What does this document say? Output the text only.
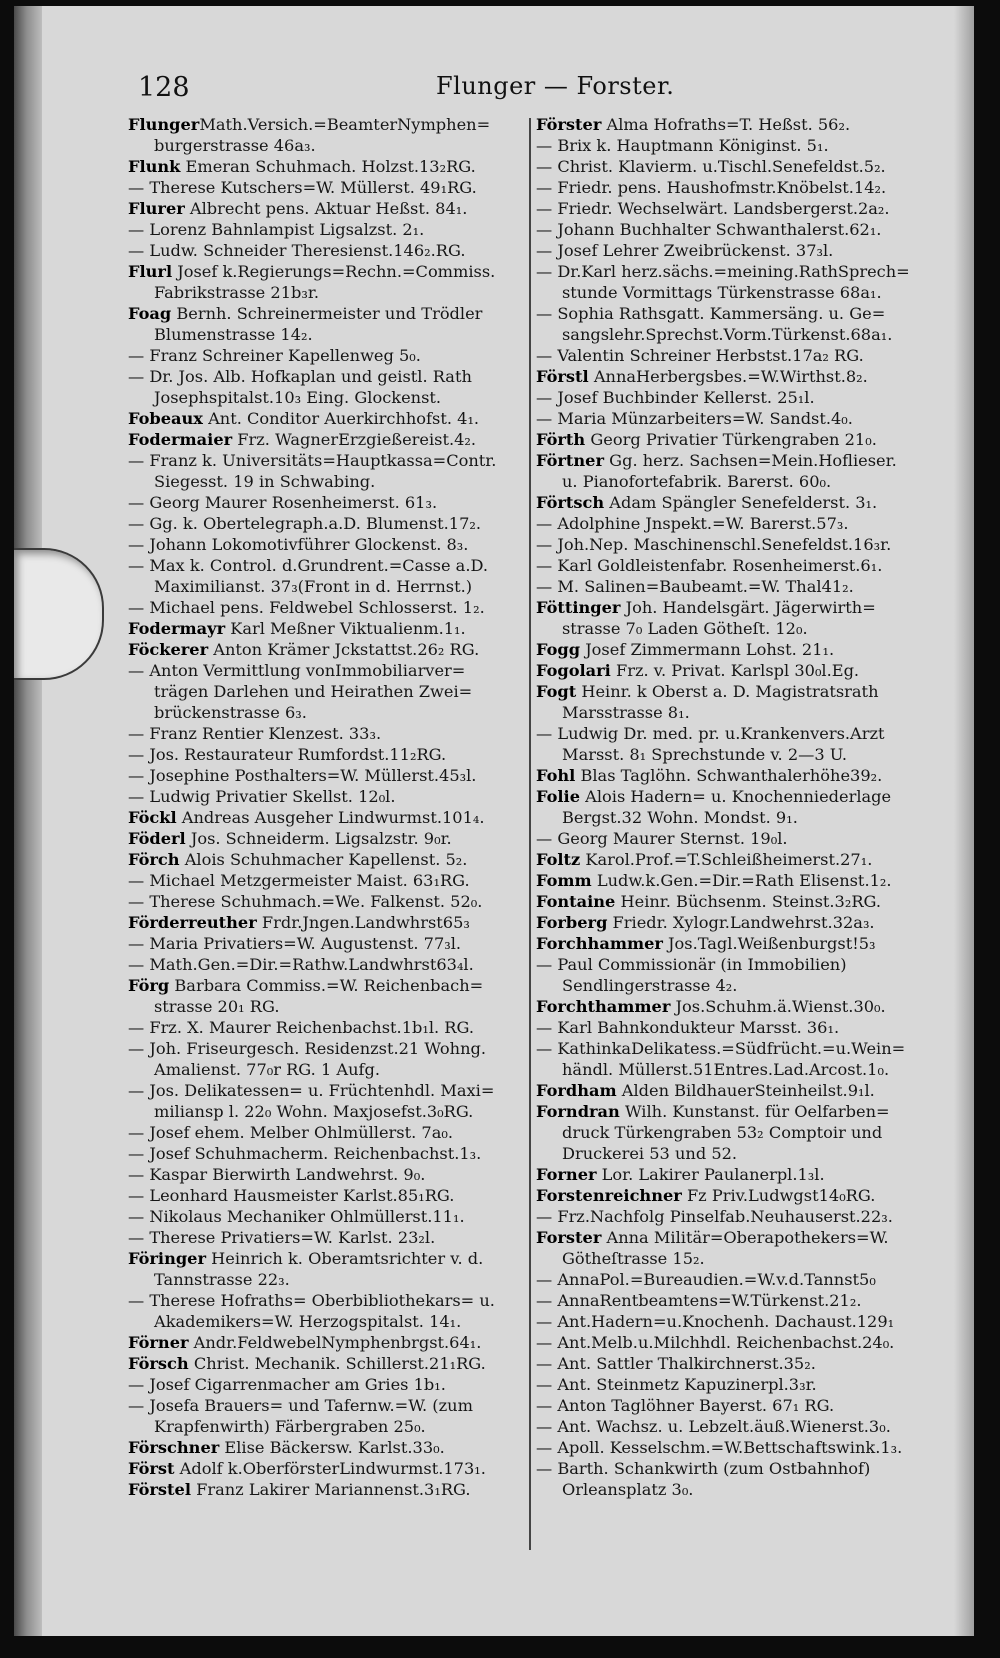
128	Flunger — Forster.
FlungerMath.Versich.=BeamterNymphen=
burgerstrasse 46a₃.
Flunk Emeran Schuhmach. Holzst.13₂RG.
— Therese Kutschers=W. Müllerst. 49₁RG.
Flurer Albrecht pens. Aktuar Heßst. 84₁.
— Lorenz Bahnlampist Ligsalzst. 2₁.
— Ludw. Schneider Theresienst.146₂.RG.
Flurl Josef k.Regierungs=Rechn.=Commiss.
Fabrikstrasse 21b₃r.
Foag Bernh. Schreinermeister und Trödler
Blumenstrasse 14₂.
— Franz Schreiner Kapellenweg 5₀.
— Dr. Jos. Alb. Hofkaplan und geistl. Rath
Josephspitalst.10₃ Eing. Glockenst.
Fobeaux Ant. Conditor Auerkirchhofst. 4₁.
Fodermaier Frz. WagnerErzgießereist.4₂.
— Franz k. Universitäts=Hauptkassa=Contr.
Siegesst. 19 in Schwabing.
— Georg Maurer Rosenheimerst. 61₃.
— Gg. k. Obertelegraph.a.D. Blumenst.17₂.
— Johann Lokomotivführer Glockenst. 8₃.
— Max k. Control. d.Grundrent.=Casse a.D.
Maximilianst. 37₃(Front in d. Herrnst.)
— Michael pens. Feldwebel Schlosserst. 1₂.
Fodermayr Karl Meßner Viktualienm.1₁.
Föckerer Anton Krämer Jckstattst.26₂ RG.
— Anton Vermittlung vonImmobiliarver=
trägen Darlehen und Heirathen Zwei=
brückenstrasse 6₃.
— Franz Rentier Klenzest. 33₃.
— Jos. Restaurateur Rumfordst.11₂RG.
— Josephine Posthalters=W. Müllerst.45₃l.
— Ludwig Privatier Skellst. 12₀l.
Föckl Andreas Ausgeher Lindwurmst.101₄.
Föderl Jos. Schneiderm. Ligsalzstr. 9₀r.
Förch Alois Schuhmacher Kapellenst. 5₂.
— Michael Metzgermeister Maist. 63₁RG.
— Therese Schuhmach.=We. Falkenst. 52₀.
Förderreuther Frdr.Jngen.Landwhrst65₃
— Maria Privatiers=W. Augustenst. 77₃l.
— Math.Gen.=Dir.=Rathw.Landwhrst63₄l.
Förg Barbara Commiss.=W. Reichenbach=
strasse 20₁ RG.
— Frz. X. Maurer Reichenbachst.1b₁l. RG.
— Joh. Friseurgesch. Residenzst.21 Wohng.
Amalienst. 77₀r RG. 1 Aufg.
— Jos. Delikatessen= u. Früchtenhdl. Maxi=
miliansp l. 22₀ Wohn. Maxjosefst.3₀RG.
— Josef ehem. Melber Ohlmüllerst. 7a₀.
— Josef Schuhmacherm. Reichenbachst.1₃.
— Kaspar Bierwirth Landwehrst. 9₀.
— Leonhard Hausmeister Karlst.85₁RG.
— Nikolaus Mechaniker Ohlmüllerst.11₁.
— Therese Privatiers=W. Karlst. 23₂l.
Föringer Heinrich k. Oberamtsrichter v. d.
Tannstrasse 22₃.
— Therese Hofraths= Oberbibliothekars= u.
Akademikers=W. Herzogspitalst. 14₁.
Förner Andr.FeldwebelNymphenbrgst.64₁.
Försch Christ. Mechanik. Schillerst.21₁RG.
— Josef Cigarrenmacher am Gries 1b₁.
— Josefa Brauers= und Tafernw.=W. (zum
Krapfenwirth) Färbergraben 25₀.
Förschner Elise Bäckersw. Karlst.33₀.
Först Adolf k.OberförsterLindwurmst.173₁.
Förstel Franz Lakirer Mariannenst.3₁RG.
Förster Alma Hofraths=T. Heßst. 56₂.
— Brix k. Hauptmann Königinst. 5₁.
— Christ. Klavierm. u.Tischl.Senefeldst.5₂.
— Friedr. pens. Haushofmstr.Knöbelst.14₂.
— Friedr. Wechselwärt. Landsbergerst.2a₂.
— Johann Buchhalter Schwanthalerst.62₁.
— Josef Lehrer Zweibrückenst. 37₃l.
— Dr.Karl herz.sächs.=meining.RathSprech=
stunde Vormittags Türkenstrasse 68a₁.
— Sophia Rathsgatt. Kammersäng. u. Ge=
sangslehr.Sprechst.Vorm.Türkenst.68a₁.
— Valentin Schreiner Herbstst.17a₂ RG.
Förstl AnnaHerbergsbes.=W.Wirthst.8₂.
— Josef Buchbinder Kellerst. 25₁l.
— Maria Münzarbeiters=W. Sandst.4₀.
Förth Georg Privatier Türkengraben 21₀.
Förtner Gg. herz. Sachsen=Mein.Hoflieser.
u. Pianofortefabrik. Barerst. 60₀.
Förtsch Adam Spängler Senefelderst. 3₁.
— Adolphine Jnspekt.=W. Barerst.57₃.
— Joh.Nep. Maschinenschl.Senefeldst.16₃r.
— Karl Goldleistenfabr. Rosenheimerst.6₁.
— M. Salinen=Baubeamt.=W. Thal41₂.
Föttinger Joh. Handelsgärt. Jägerwirth=
strasse 7₀ Laden Götheſt. 12₀.
Fogg Josef Zimmermann Lohst. 21₁.
Fogolari Frz. v. Privat. Karlspl 30₀l.Eg.
Fogt Heinr. k Oberst a. D. Magistratsrath
Marsstrasse 8₁.
— Ludwig Dr. med. pr. u.Krankenvers.Arzt
Marsst. 8₁ Sprechstunde v. 2—3 U.
Fohl Blas Taglöhn. Schwanthalerhöhe39₂.
Folie Alois Hadern= u. Knochenniederlage
Bergst.32 Wohn. Mondst. 9₁.
— Georg Maurer Sternst. 19₀l.
Foltz Karol.Prof.=T.Schleißheimerst.27₁.
Fomm Ludw.k.Gen.=Dir.=Rath Elisenst.1₂.
Fontaine Heinr. Büchsenm. Steinst.3₂RG.
Forberg Friedr. Xylogr.Landwehrst.32a₃.
Forchhammer Jos.Tagl.Weißenburgst!5₃
— Paul Commissionär (in Immobilien)
Sendlingerstrasse 4₂.
Forchthammer Jos.Schuhm.ä.Wienst.30₀.
— Karl Bahnkondukteur Marsst. 36₁.
— KathinkaDelikatess.=Südfrücht.=u.Wein=
händl. Müllerst.51Entres.Lad.Arcost.1₀.
Fordham Alden BildhauerSteinheilst.9₁l.
Forndran Wilh. Kunstanst. für Oelfarben=
druck Türkengraben 53₂ Comptoir und
Druckerei 53 und 52.
Forner Lor. Lakirer Paulanerpl.1₃l.
Forstenreichner Fz Priv.Ludwgst14₀RG.
— Frz.Nachfolg Pinselfab.Neuhauserst.22₃.
Forster Anna Militär=Oberapothekers=W.
Götheſtrasse 15₂.
— AnnaPol.=Bureaudien.=W.v.d.Tannst5₀
— AnnaRentbeamtens=W.Türkenst.21₂.
— Ant.Hadern=u.Knochenh. Dachaust.129₁
— Ant.Melb.u.Milchhdl. Reichenbachst.24₀.
— Ant. Sattler Thalkirchnerst.35₂.
— Ant. Steinmetz Kapuzinerpl.3₃r.
— Anton Taglöhner Bayerst. 67₁ RG.
— Ant. Wachsz. u. Lebzelt.äuß.Wienerst.3₀.
— Apoll. Kesselschm.=W.Bettschaftswink.1₃.
— Barth. Schankwirth (zum Ostbahnhof)
Orleansplatz 3₀.
